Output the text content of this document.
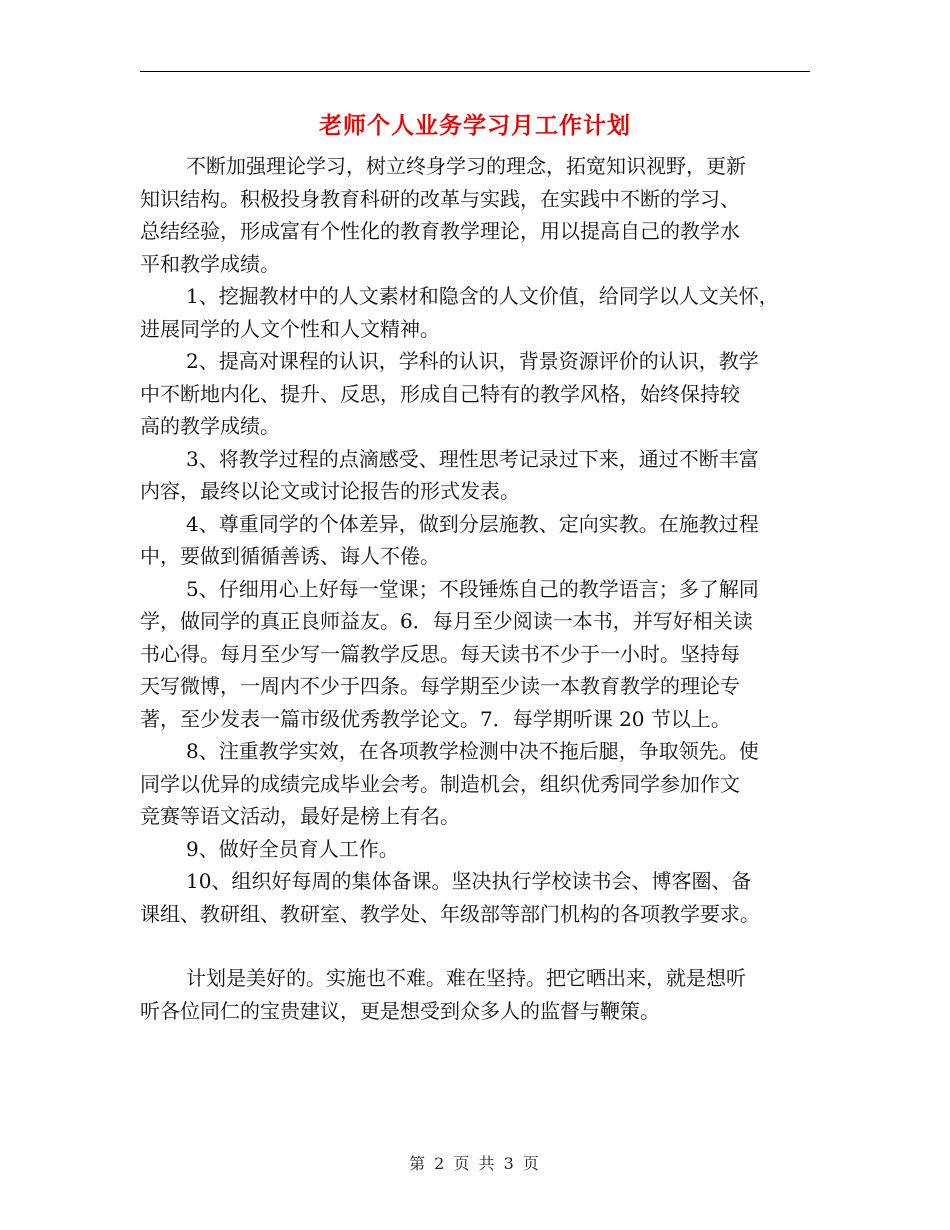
老师个人业务学习月工作计划
不断加强理论学习，树立终身学习的理念，拓宽知识视野，更新
知识结构。积极投身教育科研的改革与实践，在实践中不断的学习、
总结经验，形成富有个性化的教育教学理论，用以提高自己的教学水
平和教学成绩。
1、挖掘教材中的人文素材和隐含的人文价值，给同学以人文关怀，
进展同学的人文个性和人文精神。
2、提高对课程的认识，学科的认识，背景资源评价的认识，教学
中不断地内化、提升、反思，形成自己特有的教学风格，始终保持较
高的教学成绩。
3、将教学过程的点滴感受、理性思考记录过下来，通过不断丰富
内容，最终以论文或讨论报告的形式发表。
4、尊重同学的个体差异，做到分层施教、定向实教。在施教过程
中，要做到循循善诱、诲人不倦。
5、仔细用心上好每一堂课；不段锤炼自己的教学语言；多了解同
学，做同学的真正良师益友。6．每月至少阅读一本书，并写好相关读
书心得。每月至少写一篇教学反思。每天读书不少于一小时。坚持每
天写微博，一周内不少于四条。每学期至少读一本教育教学的理论专
著，至少发表一篇市级优秀教学论文。7．每学期听课 20 节以上。
8、注重教学实效，在各项教学检测中决不拖后腿，争取领先。使
同学以优异的成绩完成毕业会考。制造机会，组织优秀同学参加作文
竞赛等语文活动，最好是榜上有名。
9、做好全员育人工作。
10、组织好每周的集体备课。坚决执行学校读书会、博客圈、备
课组、教研组、教研室、教学处、年级部等部门机构的各项教学要求。
计划是美好的。实施也不难。难在坚持。把它晒出来，就是想听
听各位同仁的宝贵建议，更是想受到众多人的监督与鞭策。
第 2 页 共 3 页
